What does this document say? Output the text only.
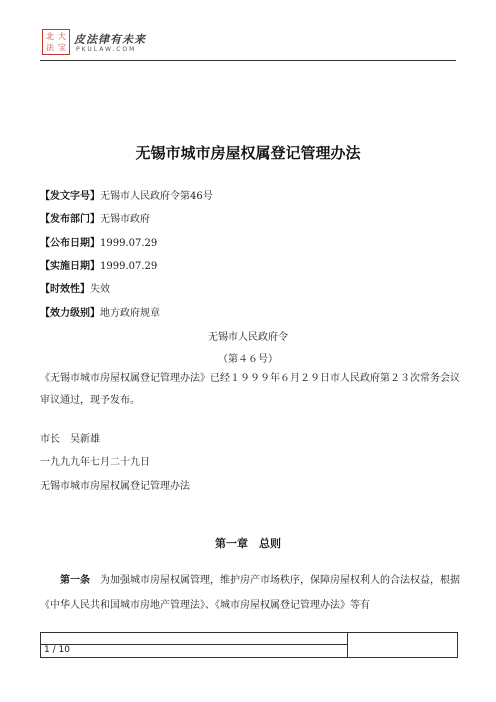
北 大
法 宝
皮法律有未来
PKULAW.COM
无锡市城市房屋权属登记管理办法
【发文字号】无锡市人民政府令第46号
【发布部门】无锡市政府
【公布日期】1999.07.29
【实施日期】1999.07.29
【时效性】失效
【效力级别】地方政府规章
无锡市人民政府令
（第４６号）
《无锡市城市房屋权属登记管理办法》已经１９９９年６月２９日市人民政府第２３次常务会议审议通过，现予发布。
市长　吴新雄
一九九九年七月二十九日
无锡市城市房屋权属登记管理办法
第一章　总则
第一条　 为加强城市房屋权属管理，维护房产市场秩序，保障房屋权利人的合法权益，根据《中华人民共和国城市房地产管理法》、《城市房屋权属登记管理办法》等有
1 / 10
